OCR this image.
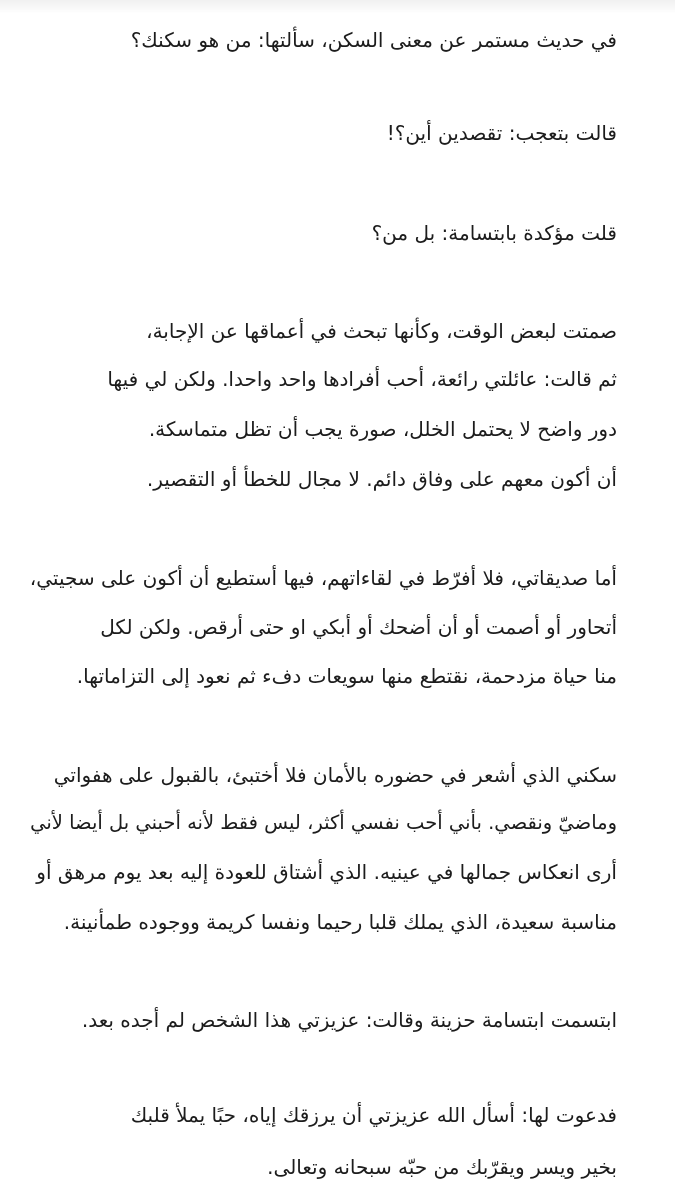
في حديث مستمر عن معنى السكن، سألتها: من هو سكنك؟
قالت بتعجب: تقصدين أين؟!
قلت مؤكدة بابتسامة: بل من؟
صمتت لبعض الوقت، وكأنها تبحث في أعماقها عن الإجابة،
ثم قالت: عائلتي رائعة، أحب أفرادها واحد واحدا. ولكن لي فيها
دور واضح لا يحتمل الخلل، صورة يجب أن تظل متماسكة.
أن أكون معهم على وفاق دائم. لا مجال للخطأ أو التقصير.
أما صديقاتي، فلا أفرّط في لقاءاتهم، فيها أستطيع أن أكون على سجيتي،
أتحاور أو أصمت أو أن أضحك أو أبكي او حتى أرقص. ولكن لكل
منا حياة مزدحمة، نقتطع منها سويعات دفء ثم نعود إلى التزاماتها.
سكني الذي أشعر في حضوره بالأمان فلا أختبئ، بالقبول على هفواتي
وماضيّ ونقصي. بأني أحب نفسي أكثر، ليس فقط لأنه أحبني بل أيضا لأني
أرى انعكاس جمالها في عينيه. الذي أشتاق للعودة إليه بعد يوم مرهق أو
مناسبة سعيدة، الذي يملك قلبا رحيما ونفسا كريمة ووجوده طمأنينة.
ابتسمت ابتسامة حزينة وقالت: عزيزتي هذا الشخص لم أجده بعد.
فدعوت لها: أسأل الله عزيزتي أن يرزقك إياه، حبًا يملأ قلبك
بخير ويسر ويقرّبك من حبّه سبحانه وتعالى.
